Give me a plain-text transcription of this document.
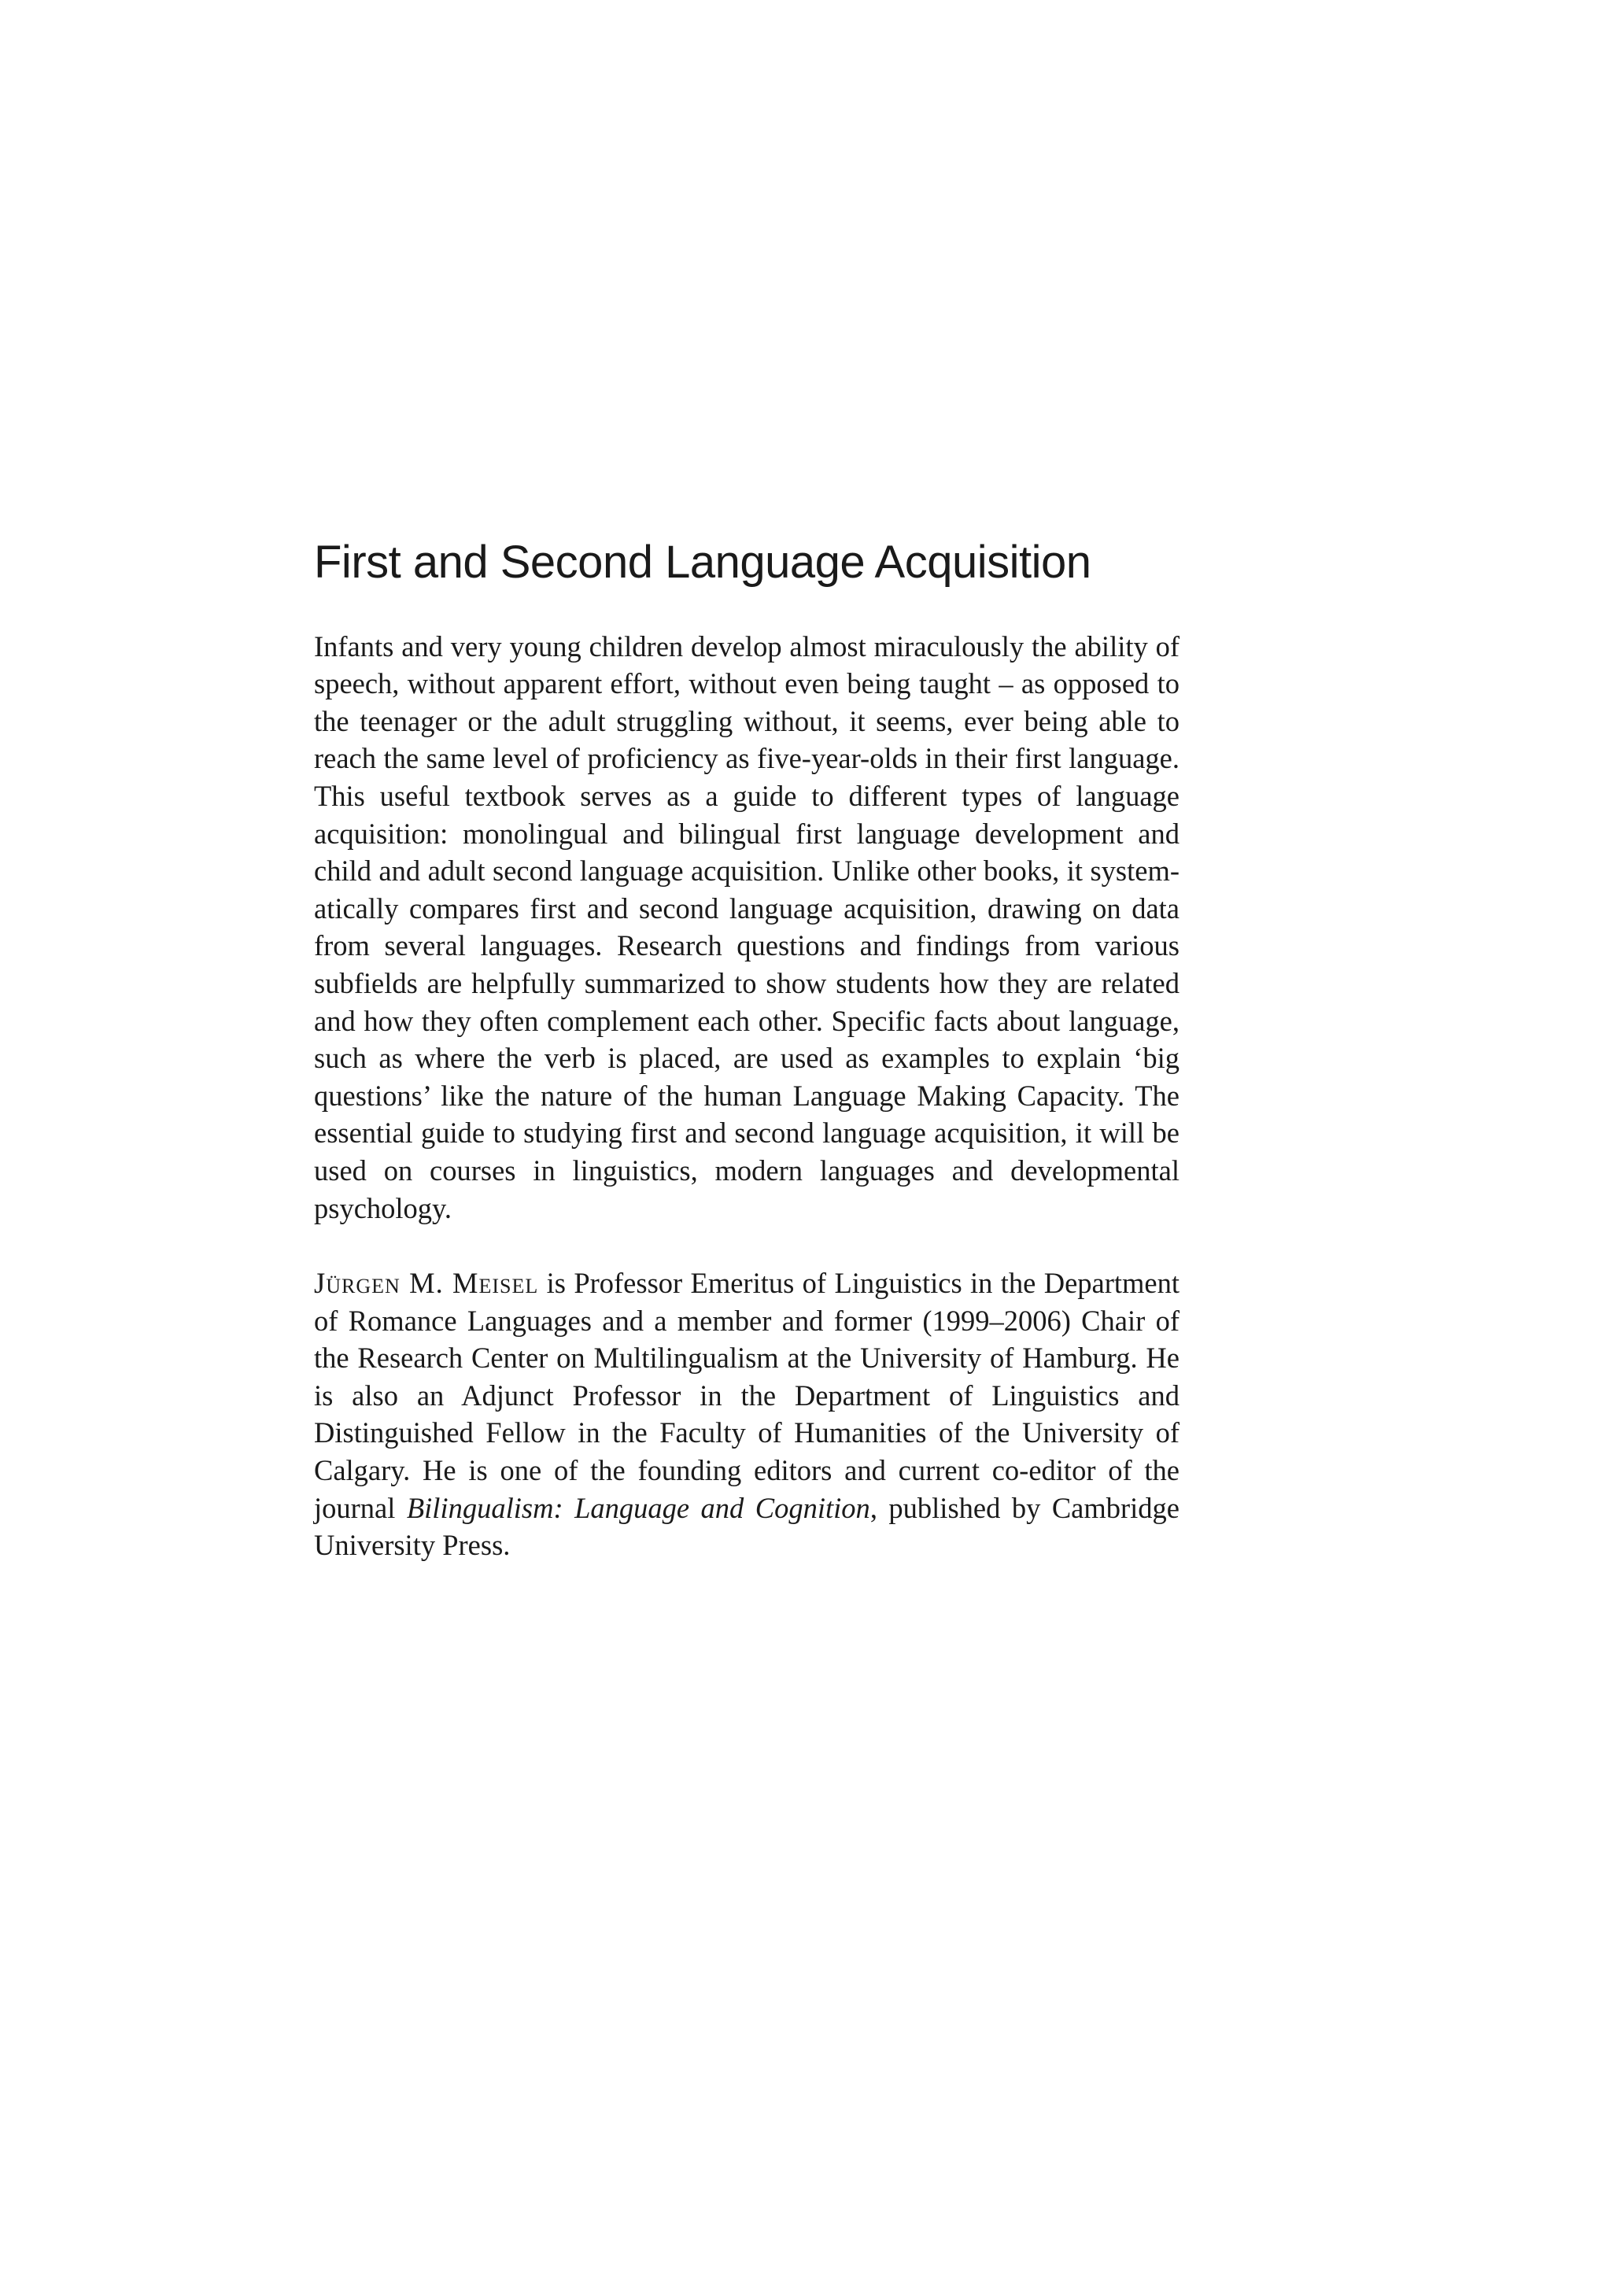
First and Second Language Acquisition

Infants and very young children develop almost miraculously the ability of speech, without apparent effort, without even being taught – as opposed to the teenager or the adult struggling without, it seems, ever being able to reach the same level of proficiency as five-year-olds in their first language. This useful textbook serves as a guide to different types of language acquisition: monolingual and bilingual first language development and child and adult second language acquisition. Unlike other books, it systematically compares first and second language acquisition, drawing on data from several languages. Research questions and findings from various subfields are helpfully summarized to show students how they are related and how they often complement each other. Specific facts about language, such as where the verb is placed, are used as examples to explain ‘big questions’ like the nature of the human Language Making Capacity. The essential guide to studying first and second language acquisition, it will be used on courses in linguistics, modern languages and developmental psychology.

Jürgen M. Meisel is Professor Emeritus of Linguistics in the Department of Romance Languages and a member and former (1999–2006) Chair of the Research Center on Multilingualism at the University of Hamburg. He is also an Adjunct Professor in the Department of Linguistics and Distinguished Fellow in the Faculty of Humanities of the University of Calgary. He is one of the founding editors and current co-editor of the journal Bilingualism: Language and Cognition, published by Cambridge University Press.
